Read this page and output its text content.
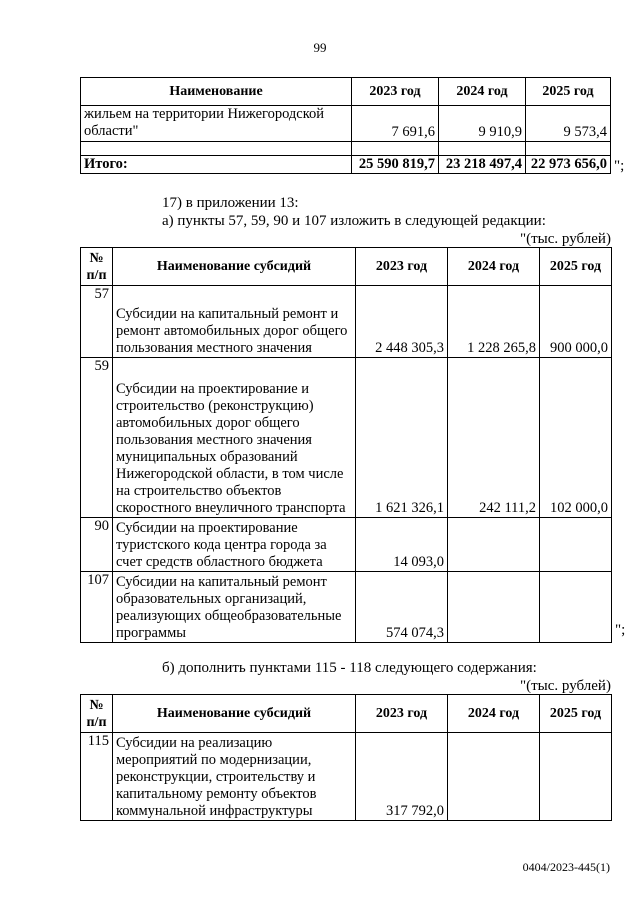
99
Наименование	2023 год	2024 год	2025 год
жильем на территории Нижегородской области"	7 691,6	9 910,9	9 573,4

Итого:	25 590 819,7	23 218 497,4	22 973 656,0 ";
17) в приложении 13:
а) пункты 57, 59, 90 и 107 изложить в следующей редакции:
"(тыс. рублей)
№ п/п	Наименование субсидий	2023 год	2024 год	2025 год
57	Субсидии на капитальный ремонт и ремонт автомобильных дорог общего пользования местного значения	2 448 305,3	1 228 265,8	900 000,0
59	Субсидии на проектирование и строительство (реконструкцию) автомобильных дорог общего пользования местного значения муниципальных образований Нижегородской области, в том числе на строительство объектов скоростного внеуличного транспорта	1 621 326,1	242 111,2	102 000,0
90	Субсидии на проектирование туристского кода центра города за счет средств областного бюджета	14 093,0		
107	Субсидии на капитальный ремонт образовательных организаций, реализующих общеобразовательные программы	574 074,3			";
б) дополнить пунктами 115 - 118 следующего содержания:
"(тыс. рублей)
№ п/п	Наименование субсидий	2023 год	2024 год	2025 год
115	Субсидии на реализацию мероприятий по модернизации, реконструкции, строительству и капитальному ремонту объектов коммунальной инфраструктуры	317 792,0		
0404/2023-445(1)
